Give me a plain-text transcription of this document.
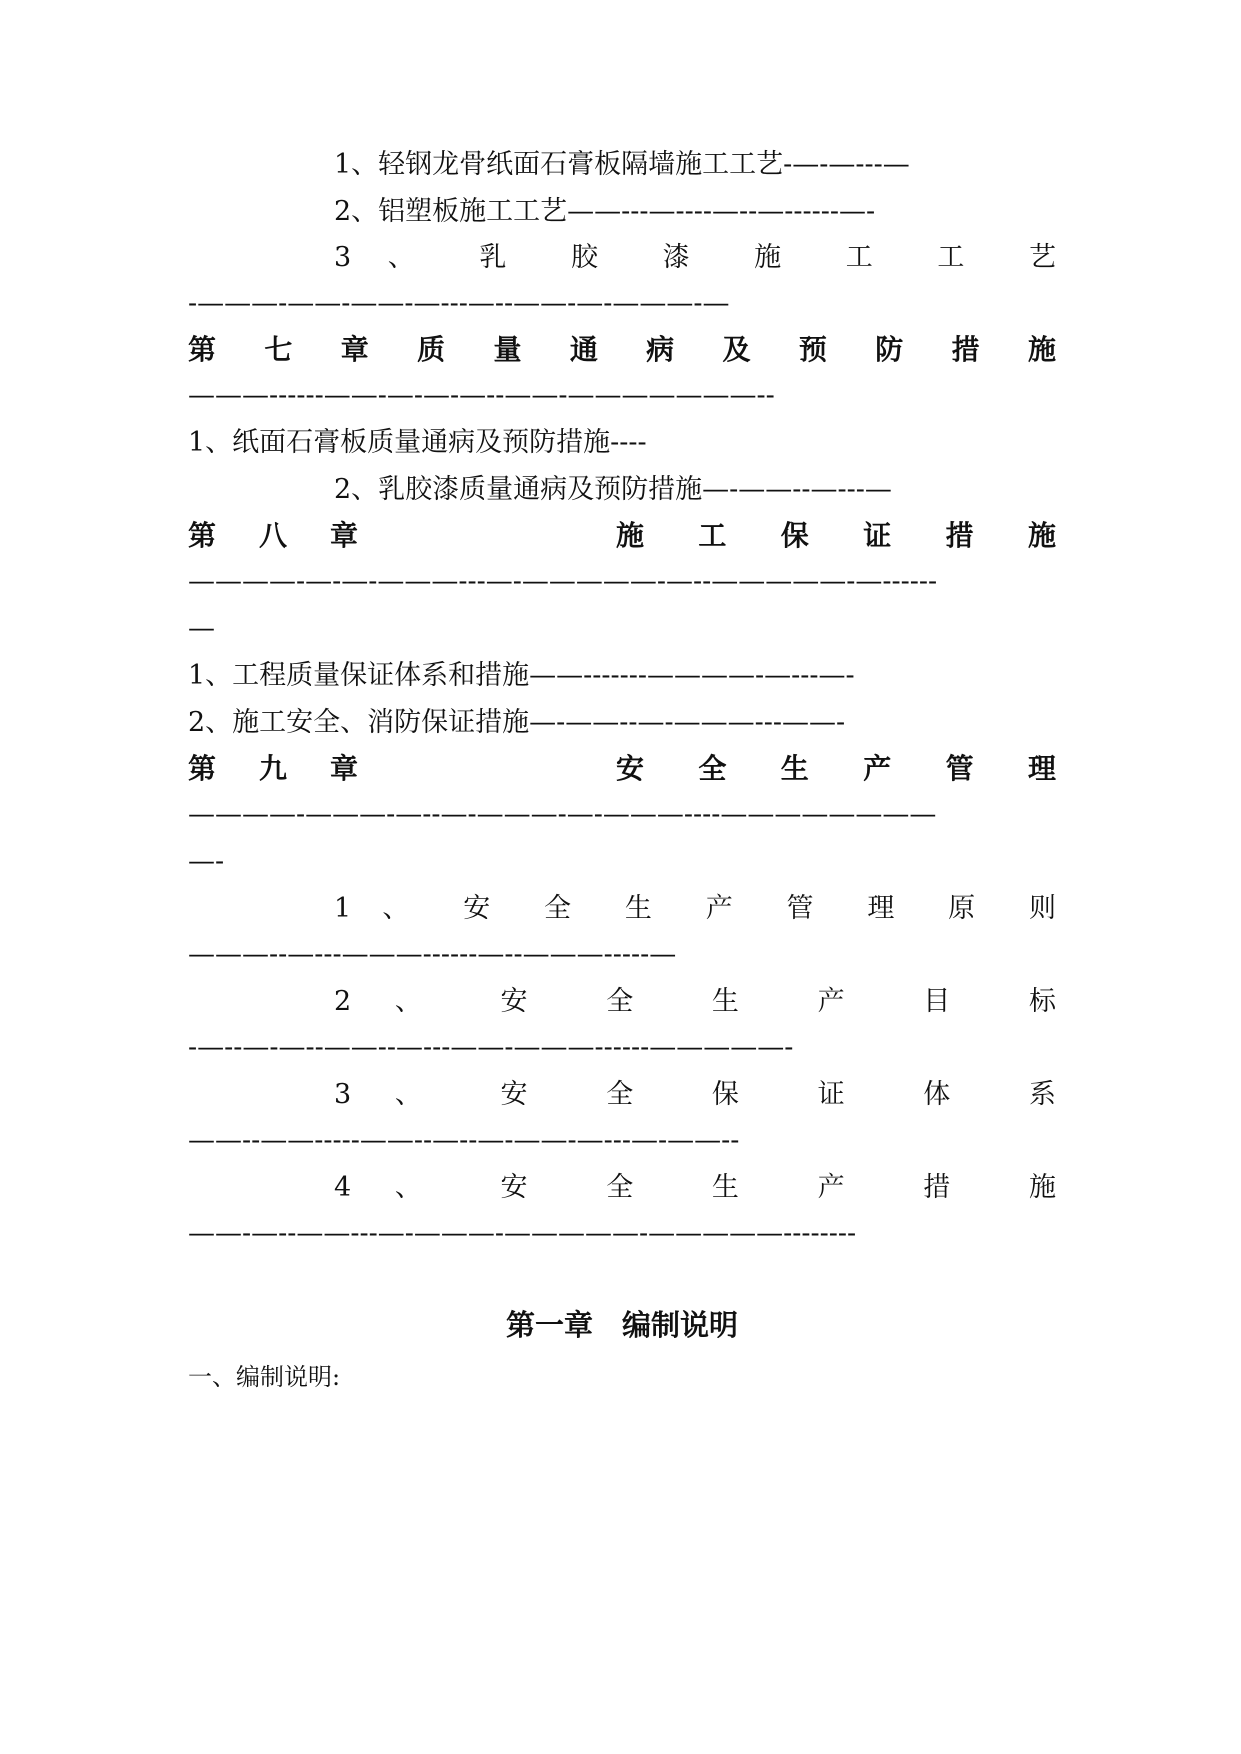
1、轻钢龙骨纸面石膏板隔墙施工工艺-—-—---—

2、铝塑板施工工艺——---—----—--—------—-

3 、 乳 胶 漆 施 工 工 艺

-———-——-——-—---—--——-—-———-—

第 七 章 质 量 通 病 及 预 防 措 施

———------——-—-—-—--——-———————--

1、纸面石膏板质量通病及预防措施----

2、乳胶漆质量通病及预防措施—-——--—---—

第 八 章	施 工 保 证 措 施

————-—-—-———---—-—————-—--—————-—------

—

1、工程质量保证体系和措施——-------————-—---—-

2、施工安全、消防保证措施—-——--—-———---——-

第 九 章	安 全 生 产 管 理

————-———-—--—-———-—-———----————————

—-

1 、 安 全 生 产 管 理 原 则

———--—---———------—--———-----—

2 、 安 全 生 产 目 标

-—--—-—--——--—---——-———------—————-

3 、 安 全 保 证 体 系

——--——-----——--—--—-——-—---—-——--

4 、 安 全 生 产 措 施

——-—--——---—-———-—————-—————--------

第一章　编制说明

一、编制说明:
